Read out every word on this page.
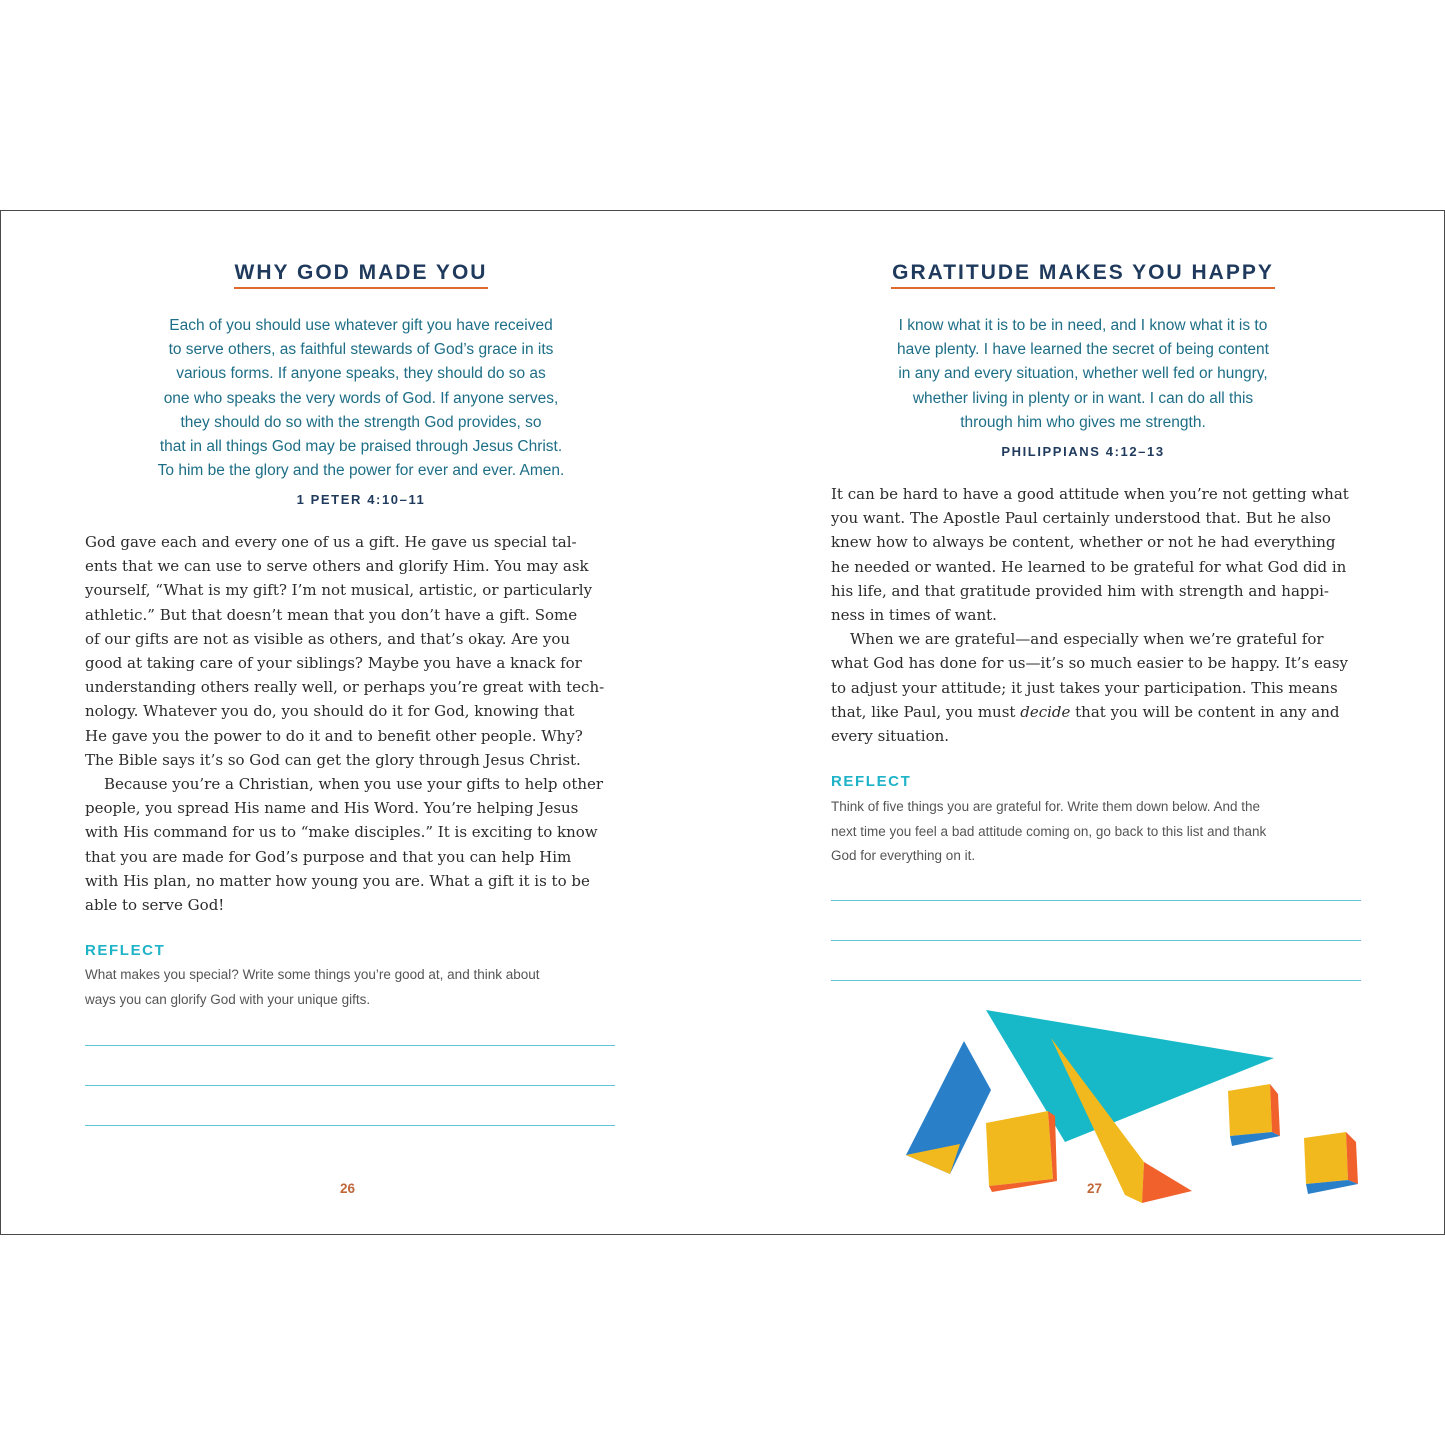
WHY GOD MADE YOU
Each of you should use whatever gift you have received
to serve others, as faithful stewards of God’s grace in its
various forms. If anyone speaks, they should do so as
one who speaks the very words of God. If anyone serves,
they should do so with the strength God provides, so
that in all things God may be praised through Jesus Christ.
To him be the glory and the power for ever and ever. Amen.
1 PETER 4:10–11
God gave each and every one of us a gift. He gave us special tal-
ents that we can use to serve others and glorify Him. You may ask
yourself, “What is my gift? I’m not musical, artistic, or particularly
athletic.” But that doesn’t mean that you don’t have a gift. Some
of our gifts are not as visible as others, and that’s okay. Are you
good at taking care of your siblings? Maybe you have a knack for
understanding others really well, or perhaps you’re great with tech-
nology. Whatever you do, you should do it for God, knowing that
He gave you the power to do it and to benefit other people. Why?
The Bible says it’s so God can get the glory through Jesus Christ.
Because you’re a Christian, when you use your gifts to help other
people, you spread His name and His Word. You’re helping Jesus
with His command for us to “make disciples.” It is exciting to know
that you are made for God’s purpose and that you can help Him
with His plan, no matter how young you are. What a gift it is to be
able to serve God!
REFLECT
What makes you special? Write some things you’re good at, and think about
ways you can glorify God with your unique gifts.
26
GRATITUDE MAKES YOU HAPPY
I know what it is to be in need, and I know what it is to
have plenty. I have learned the secret of being content
in any and every situation, whether well fed or hungry,
whether living in plenty or in want. I can do all this
through him who gives me strength.
PHILIPPIANS 4:12–13
It can be hard to have a good attitude when you’re not getting what
you want. The Apostle Paul certainly understood that. But he also
knew how to always be content, whether or not he had everything
he needed or wanted. He learned to be grateful for what God did in
his life, and that gratitude provided him with strength and happi-
ness in times of want.
When we are grateful—and especially when we’re grateful for
what God has done for us—it’s so much easier to be happy. It’s easy
to adjust your attitude; it just takes your participation. This means
that, like Paul, you must decide that you will be content in any and
every situation.
REFLECT
Think of five things you are grateful for. Write them down below. And the
next time you feel a bad attitude coming on, go back to this list and thank
God for everything on it.
27
